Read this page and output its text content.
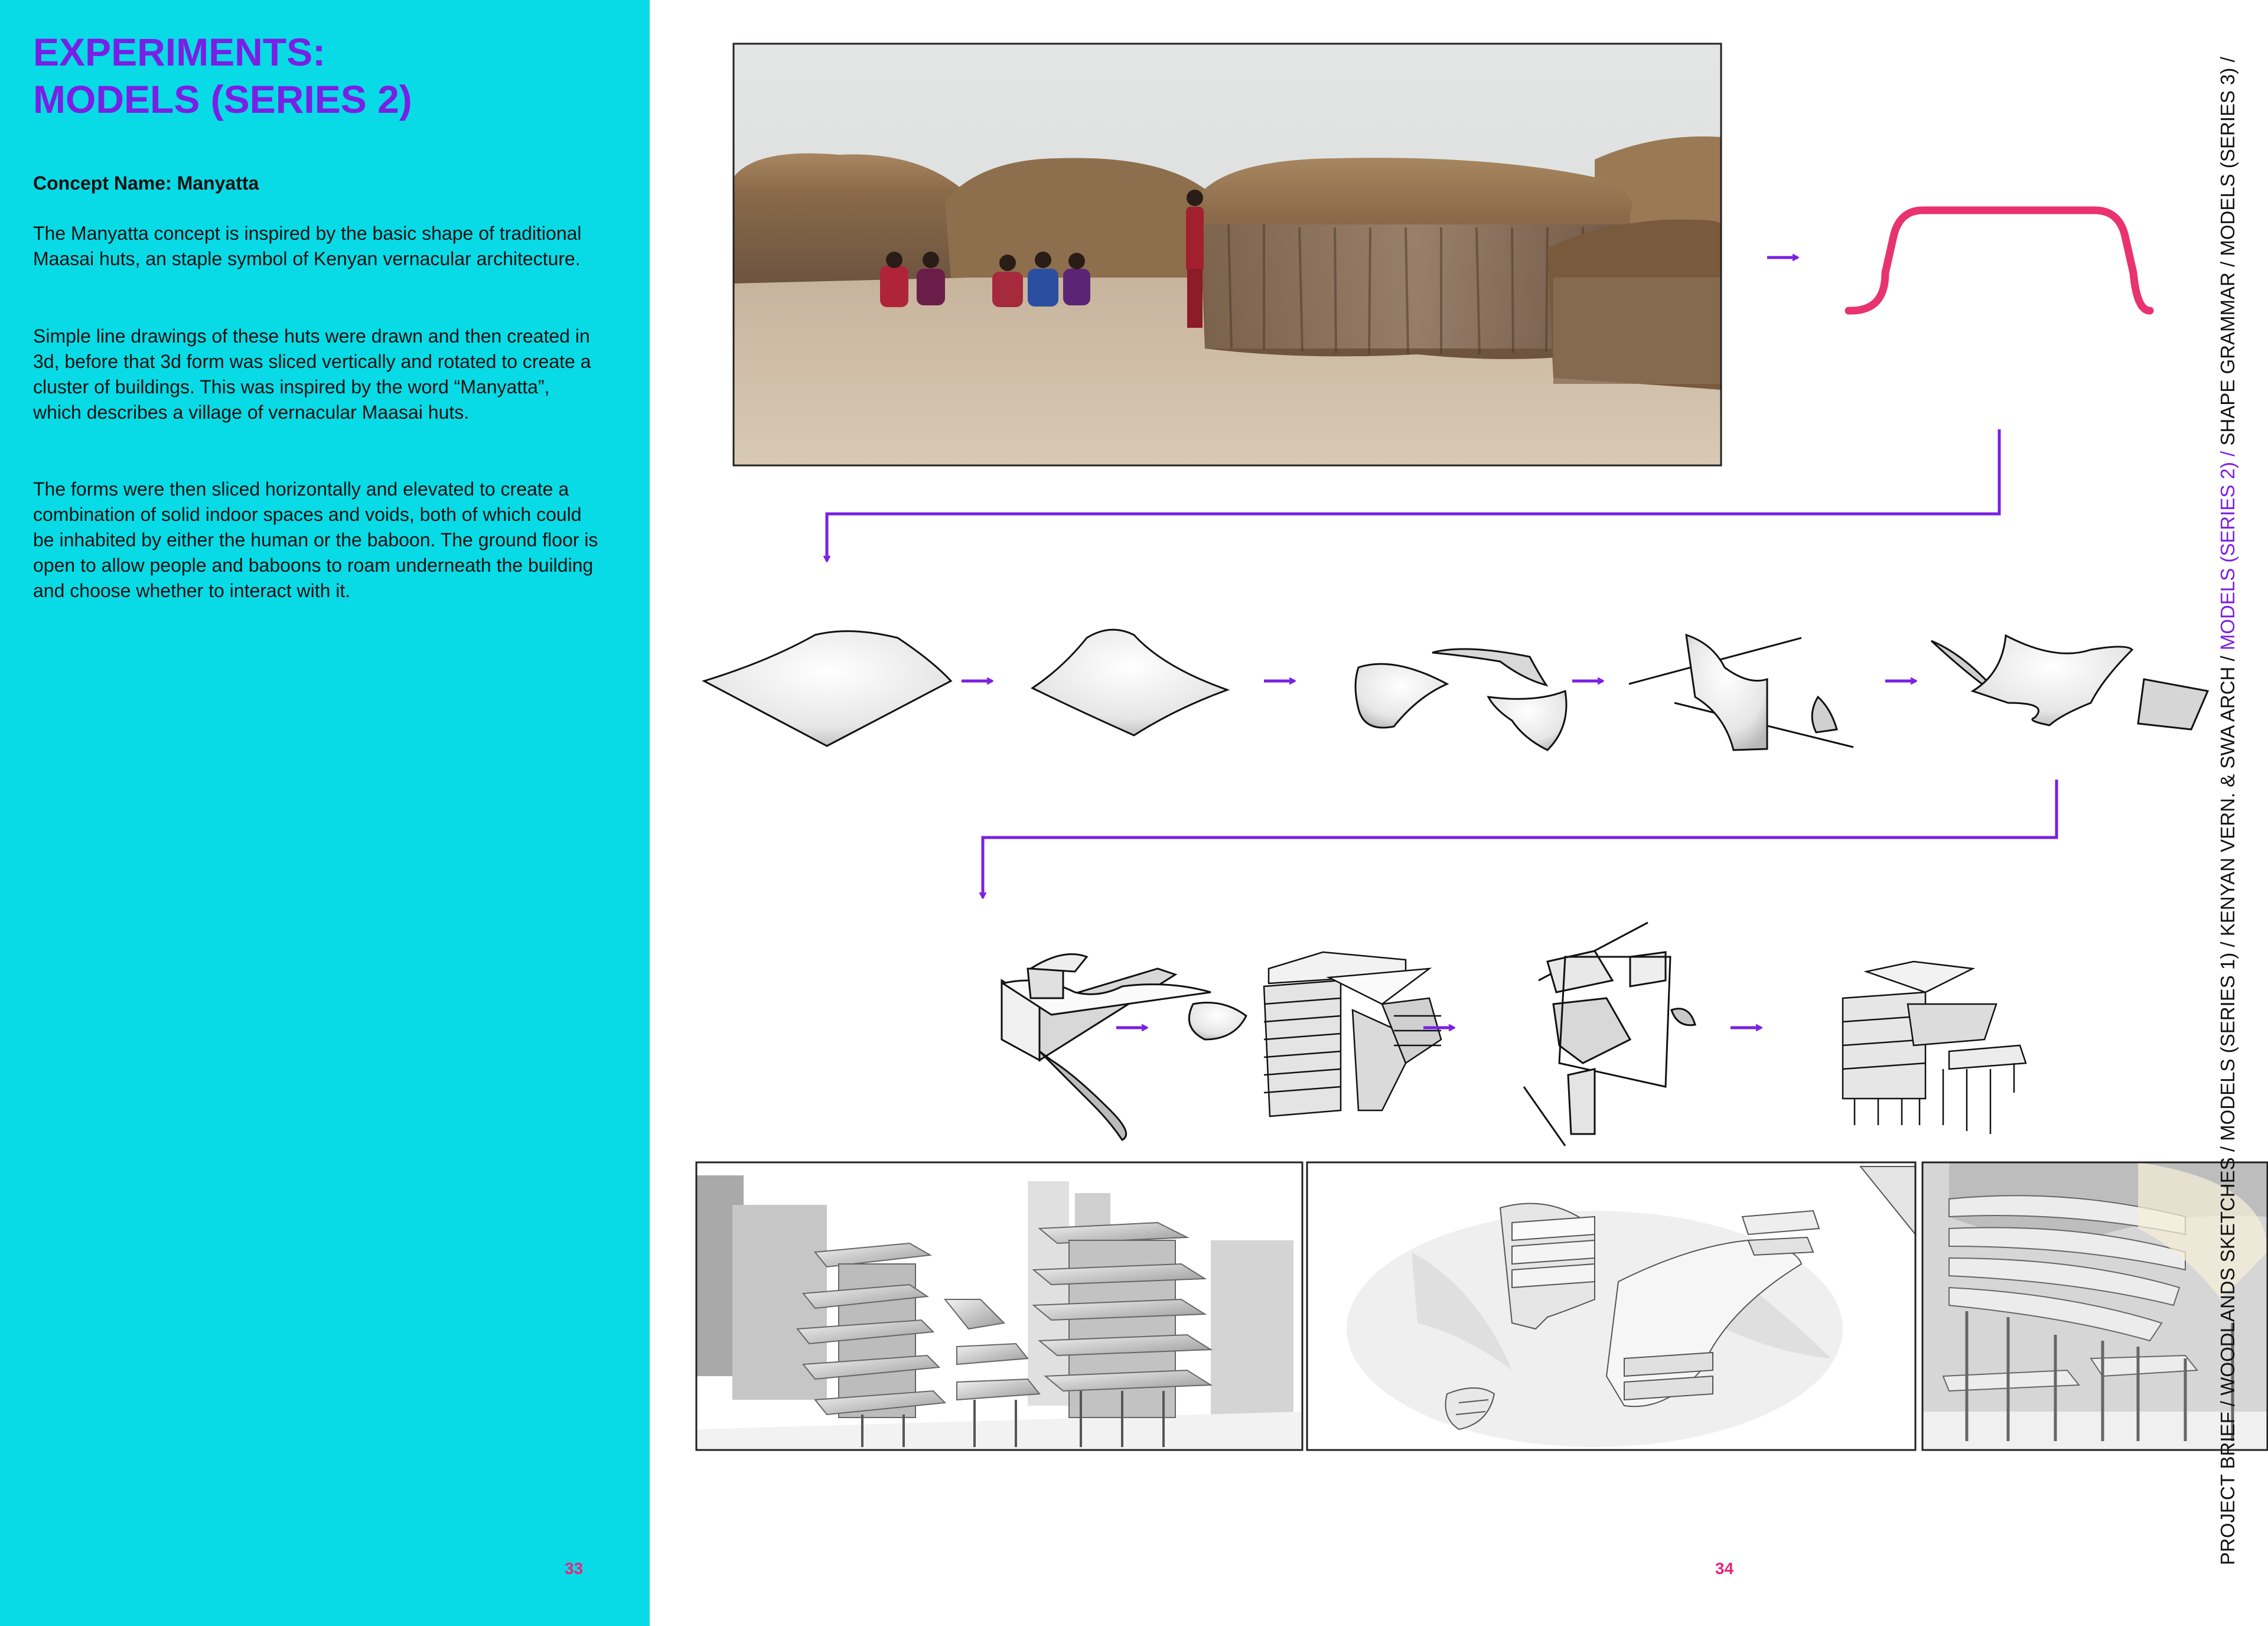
EXPERIMENTS:
MODELS (SERIES 2)

Concept Name: Manyatta

The Manyatta concept is inspired by the basic shape of traditional Maasai huts, an staple symbol of Kenyan vernacular architecture.

Simple line drawings of these huts were drawn and then created in 3d, before that 3d form was sliced vertically and rotated to create a cluster of buildings. This was inspired by the word “Manyatta”, which describes a village of vernacular Maasai huts.

The forms were then sliced horizontally and elevated to create a combination of solid indoor spaces and voids, both of which could be inhabited by either the human or the baboon. The ground floor is open to allow people and baboons to roam underneath the building and choose whether to interact with it.

33	34
PROJECT BRIEF / WOODLANDS SKETCHES / MODELS (SERIES 1) / KENYAN VERN. & SWA ARCH / MODELS (SERIES 2) / SHAPE GRAMMAR / MODELS (SERIES 3) /
